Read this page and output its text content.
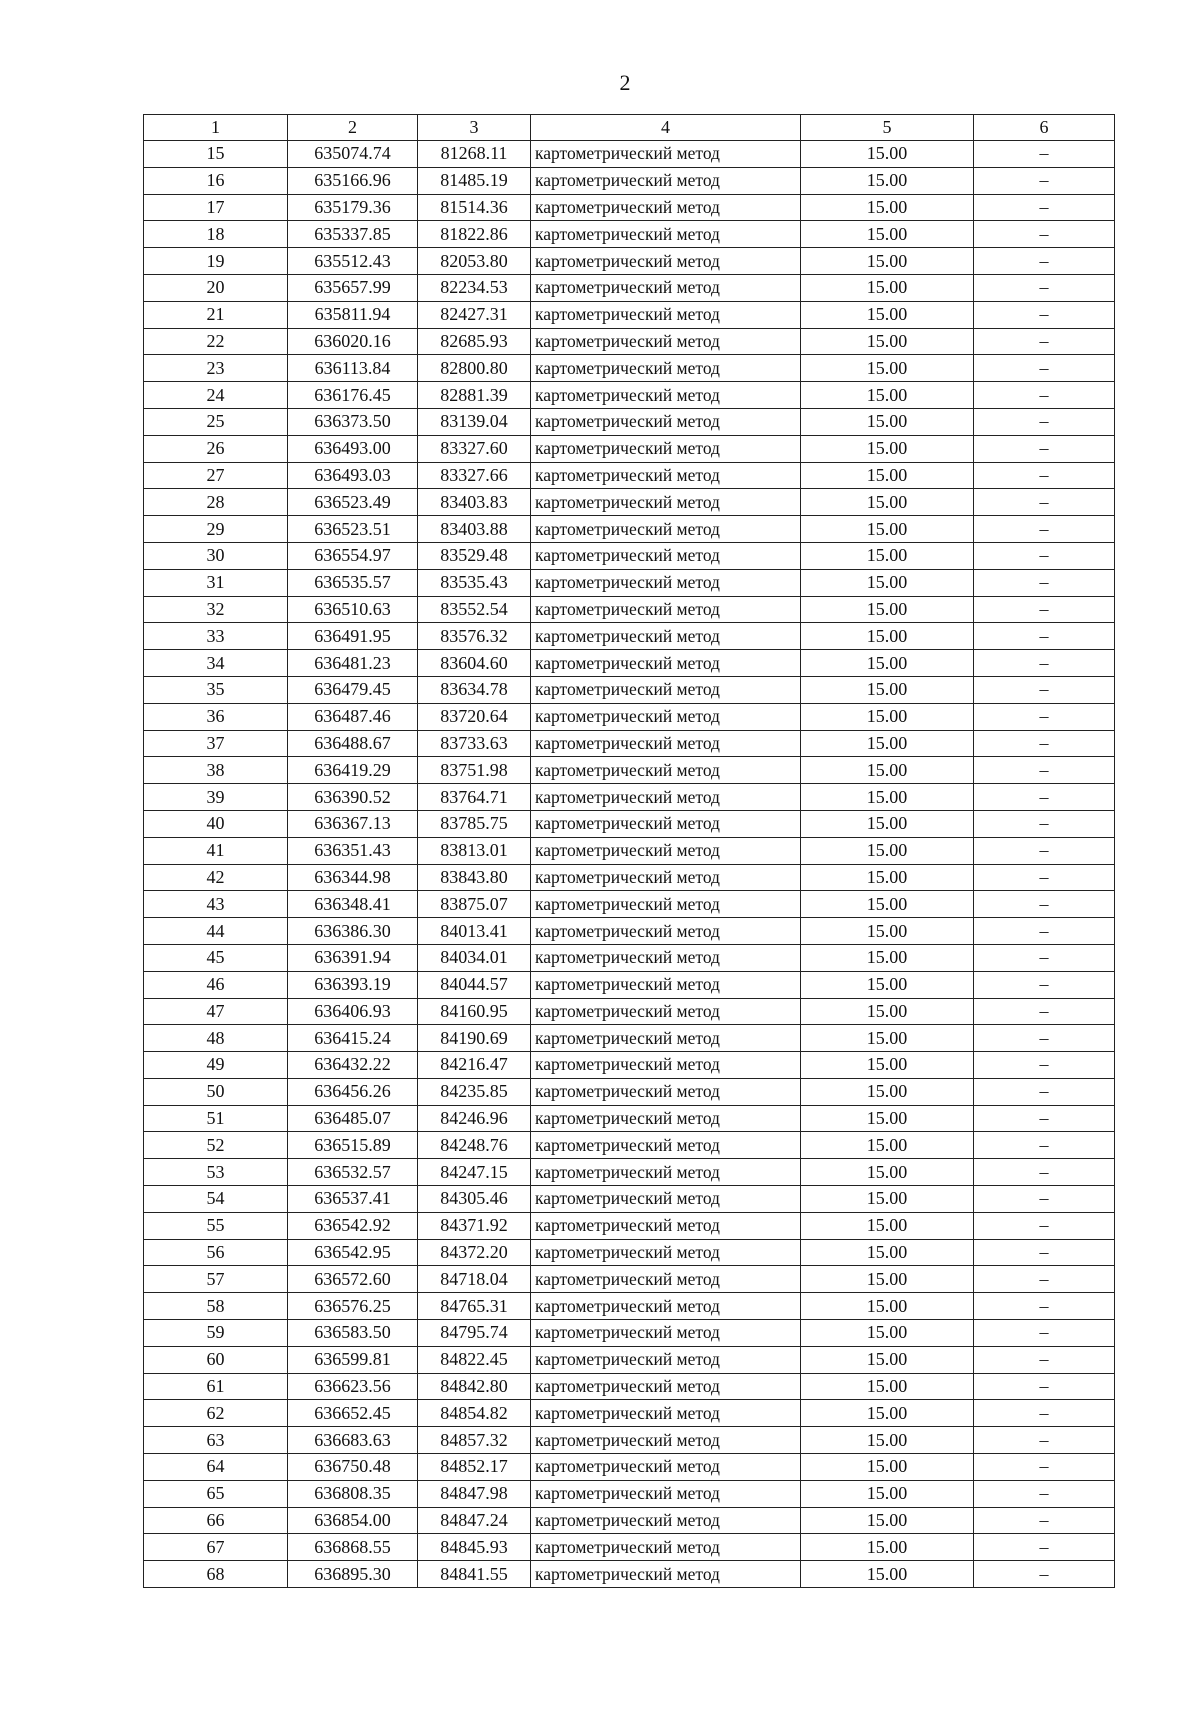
2
1	2	3	4	5	6
15	635074.74	81268.11	картометрический метод	15.00	–
16	635166.96	81485.19	картометрический метод	15.00	–
17	635179.36	81514.36	картометрический метод	15.00	–
18	635337.85	81822.86	картометрический метод	15.00	–
19	635512.43	82053.80	картометрический метод	15.00	–
20	635657.99	82234.53	картометрический метод	15.00	–
21	635811.94	82427.31	картометрический метод	15.00	–
22	636020.16	82685.93	картометрический метод	15.00	–
23	636113.84	82800.80	картометрический метод	15.00	–
24	636176.45	82881.39	картометрический метод	15.00	–
25	636373.50	83139.04	картометрический метод	15.00	–
26	636493.00	83327.60	картометрический метод	15.00	–
27	636493.03	83327.66	картометрический метод	15.00	–
28	636523.49	83403.83	картометрический метод	15.00	–
29	636523.51	83403.88	картометрический метод	15.00	–
30	636554.97	83529.48	картометрический метод	15.00	–
31	636535.57	83535.43	картометрический метод	15.00	–
32	636510.63	83552.54	картометрический метод	15.00	–
33	636491.95	83576.32	картометрический метод	15.00	–
34	636481.23	83604.60	картометрический метод	15.00	–
35	636479.45	83634.78	картометрический метод	15.00	–
36	636487.46	83720.64	картометрический метод	15.00	–
37	636488.67	83733.63	картометрический метод	15.00	–
38	636419.29	83751.98	картометрический метод	15.00	–
39	636390.52	83764.71	картометрический метод	15.00	–
40	636367.13	83785.75	картометрический метод	15.00	–
41	636351.43	83813.01	картометрический метод	15.00	–
42	636344.98	83843.80	картометрический метод	15.00	–
43	636348.41	83875.07	картометрический метод	15.00	–
44	636386.30	84013.41	картометрический метод	15.00	–
45	636391.94	84034.01	картометрический метод	15.00	–
46	636393.19	84044.57	картометрический метод	15.00	–
47	636406.93	84160.95	картометрический метод	15.00	–
48	636415.24	84190.69	картометрический метод	15.00	–
49	636432.22	84216.47	картометрический метод	15.00	–
50	636456.26	84235.85	картометрический метод	15.00	–
51	636485.07	84246.96	картометрический метод	15.00	–
52	636515.89	84248.76	картометрический метод	15.00	–
53	636532.57	84247.15	картометрический метод	15.00	–
54	636537.41	84305.46	картометрический метод	15.00	–
55	636542.92	84371.92	картометрический метод	15.00	–
56	636542.95	84372.20	картометрический метод	15.00	–
57	636572.60	84718.04	картометрический метод	15.00	–
58	636576.25	84765.31	картометрический метод	15.00	–
59	636583.50	84795.74	картометрический метод	15.00	–
60	636599.81	84822.45	картометрический метод	15.00	–
61	636623.56	84842.80	картометрический метод	15.00	–
62	636652.45	84854.82	картометрический метод	15.00	–
63	636683.63	84857.32	картометрический метод	15.00	–
64	636750.48	84852.17	картометрический метод	15.00	–
65	636808.35	84847.98	картометрический метод	15.00	–
66	636854.00	84847.24	картометрический метод	15.00	–
67	636868.55	84845.93	картометрический метод	15.00	–
68	636895.30	84841.55	картометрический метод	15.00	–
